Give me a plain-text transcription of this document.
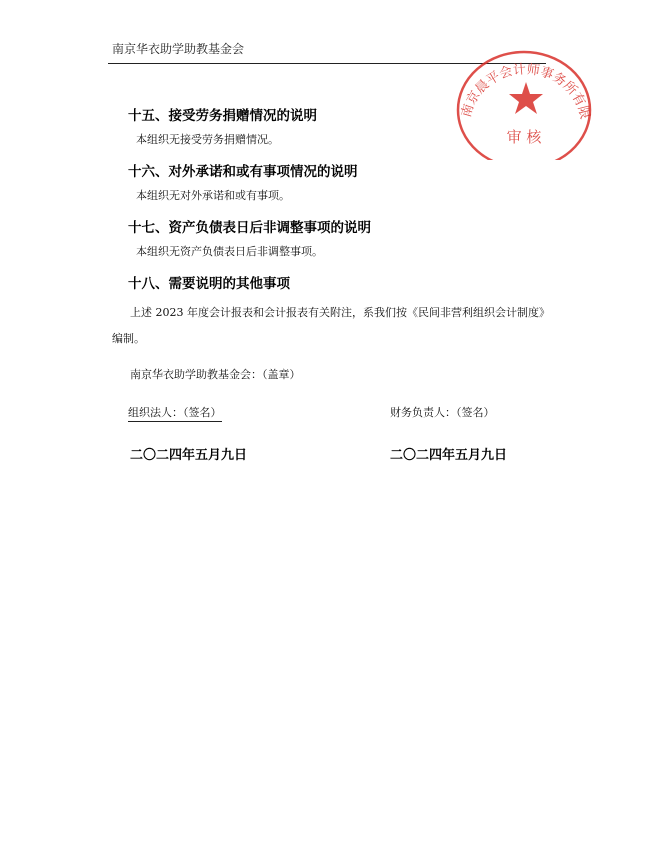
南京华衣助学助教基金会
十五、接受劳务捐赠情况的说明
本组织无接受劳务捐赠情况。
十六、对外承诺和或有事项情况的说明
本组织无对外承诺和或有事项。
十七、资产负债表日后非调整事项的说明
本组织无资产负债表日后非调整事项。
十八、需要说明的其他事项
上述 2023 年度会计报表和会计报表有关附注，系我们按《民间非营利组织会计制度》编制。
南京华衣助学助教基金会：（盖章）
组织法人：（签名）	财务负责人：（签名）
二〇二四年五月九日	二〇二四年五月九日
南京晨平会计师事务所有限
审 核
